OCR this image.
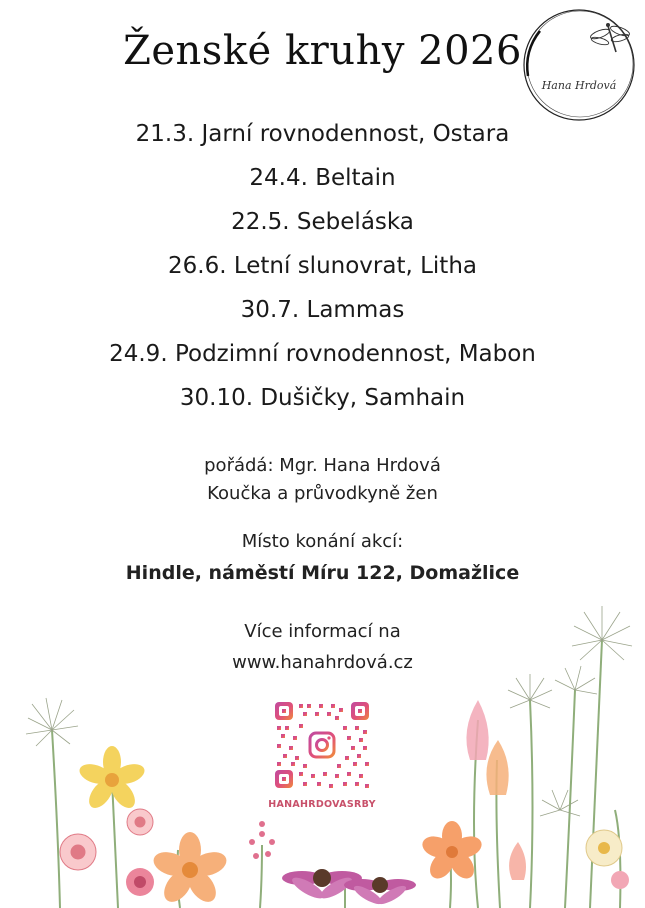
Ženské kruhy 2026
Hana Hrdová
21.3. Jarní rovnodennost, Ostara
24.4. Beltain
22.5. Sebeláska
26.6. Letní slunovrat, Litha
30.7. Lammas
24.9. Podzimní rovnodennost, Mabon
30.10. Dušičky, Samhain
pořádá: Mgr. Hana Hrdová
Koučka a průvodkyně žen
Místo konání akcí:
Hindle, náměstí Míru 122, Domažlice
Více informací na
www.hanahrdová.cz
HANAHRDOVASRBY
